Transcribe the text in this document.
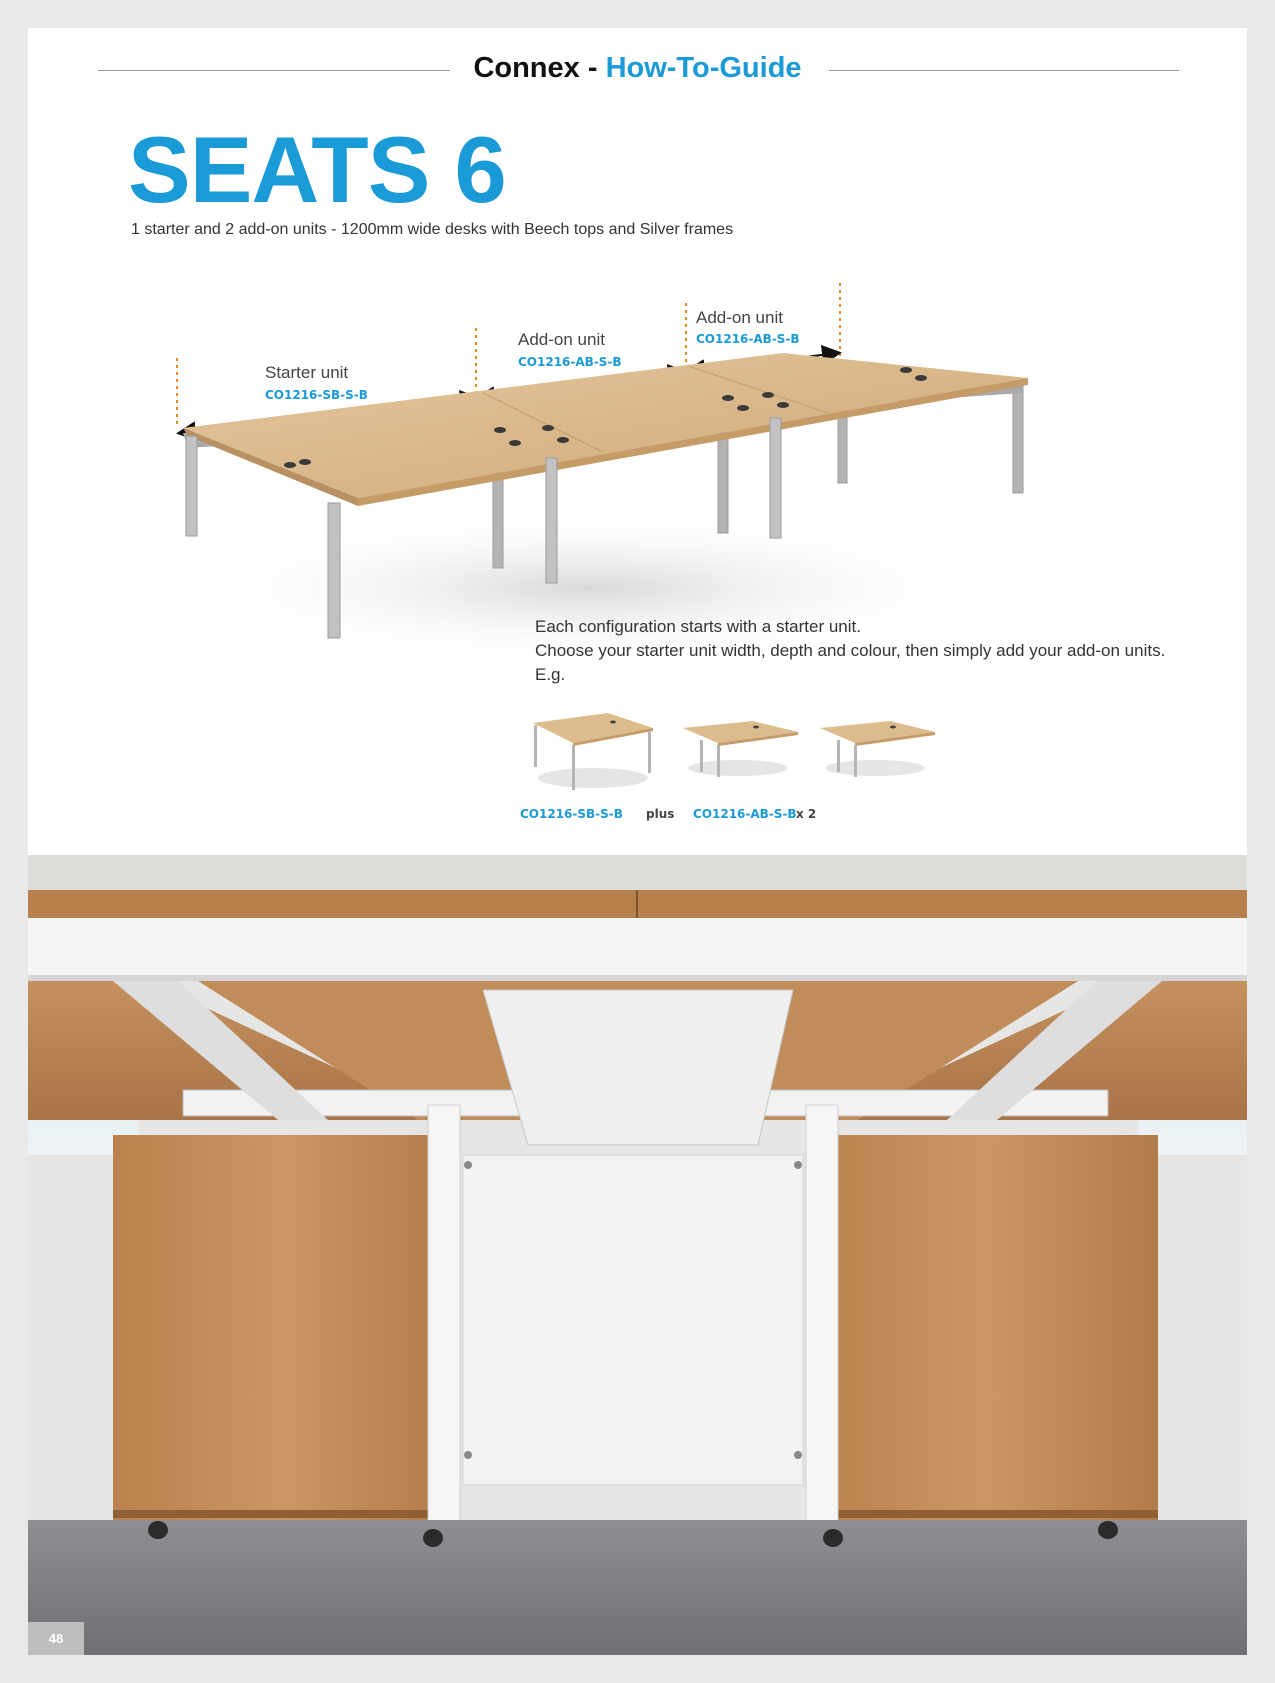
Connex - How-To-Guide
SEATS 6
1 starter and 2 add-on units - 1200mm wide desks with Beech tops and Silver frames
Starter unit
CO1216-SB-S-B
Add-on unit
CO1216-AB-S-B
Add-on unit
CO1216-AB-S-B
Each configuration starts with a starter unit.
Choose your starter unit width, depth and colour, then simply add your add-on units.
E.g.
CO1216-SB-S-B plus CO1216-AB-S-B x 2
48
